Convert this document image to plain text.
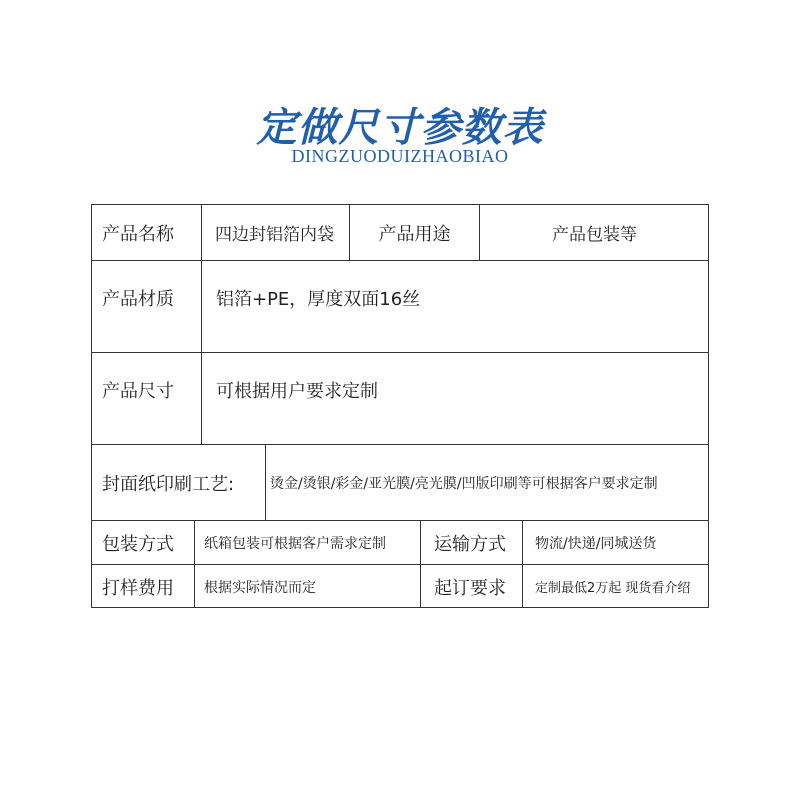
定做尺寸参数表
DINGZUODUIZHAOBIAO
产品名称	四边封铝箔内袋	产品用途	产品包装等
产品材质	铝箔+PE，厚度双面16丝
产品尺寸	可根据用户要求定制
封面纸印刷工艺:	烫金/烫银/彩金/亚光膜/亮光膜/凹版印刷等可根据客户要求定制
包装方式	纸箱包装可根据客户需求定制	运输方式	物流/快递/同城送货
打样费用	根据实际情况而定	起订要求	定制最低2万起 现货看介绍
